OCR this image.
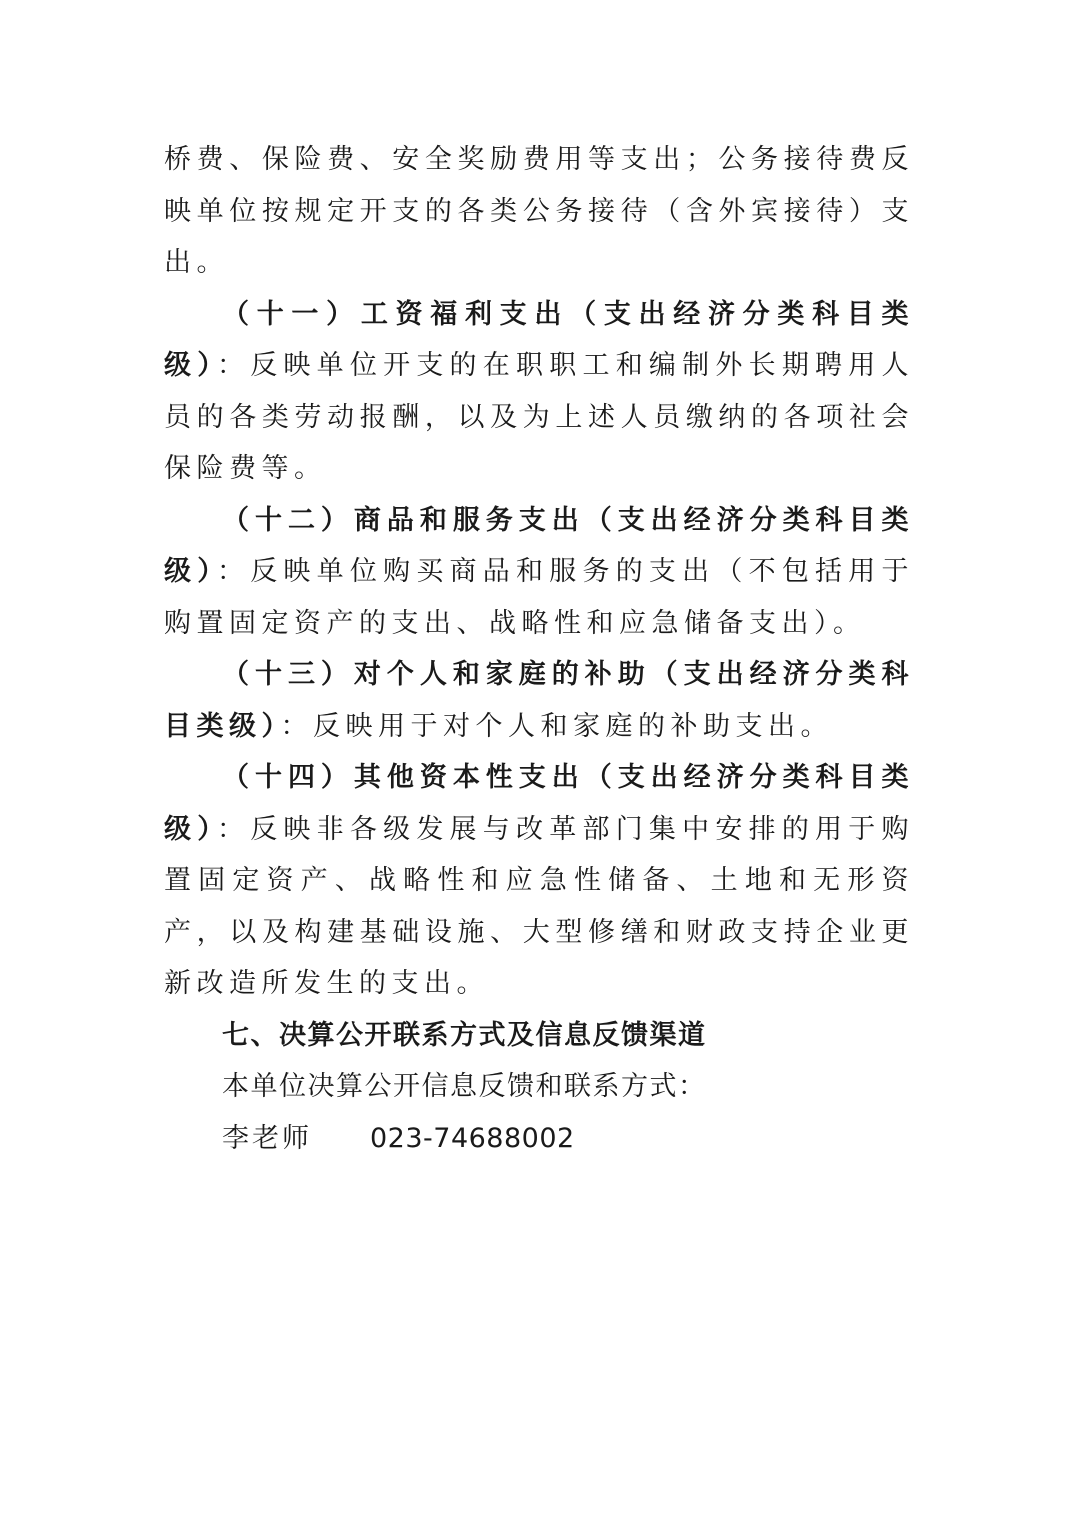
桥费、保险费、安全奖励费用等支出；公务接待费反映单位按规定开支的各类公务接待（含外宾接待）支出。

（十一）工资福利支出（支出经济分类科目类级）：反映单位开支的在职职工和编制外长期聘用人员的各类劳动报酬，以及为上述人员缴纳的各项社会保险费等。

（十二）商品和服务支出（支出经济分类科目类级）：反映单位购买商品和服务的支出（不包括用于购置固定资产的支出、战略性和应急储备支出）。

（十三）对个人和家庭的补助（支出经济分类科目类级）：反映用于对个人和家庭的补助支出。

（十四）其他资本性支出（支出经济分类科目类级）：反映非各级发展与改革部门集中安排的用于购置固定资产、战略性和应急性储备、土地和无形资产，以及构建基础设施、大型修缮和财政支持企业更新改造所发生的支出。

七、决算公开联系方式及信息反馈渠道

本单位决算公开信息反馈和联系方式：

李老师 023-74688002
